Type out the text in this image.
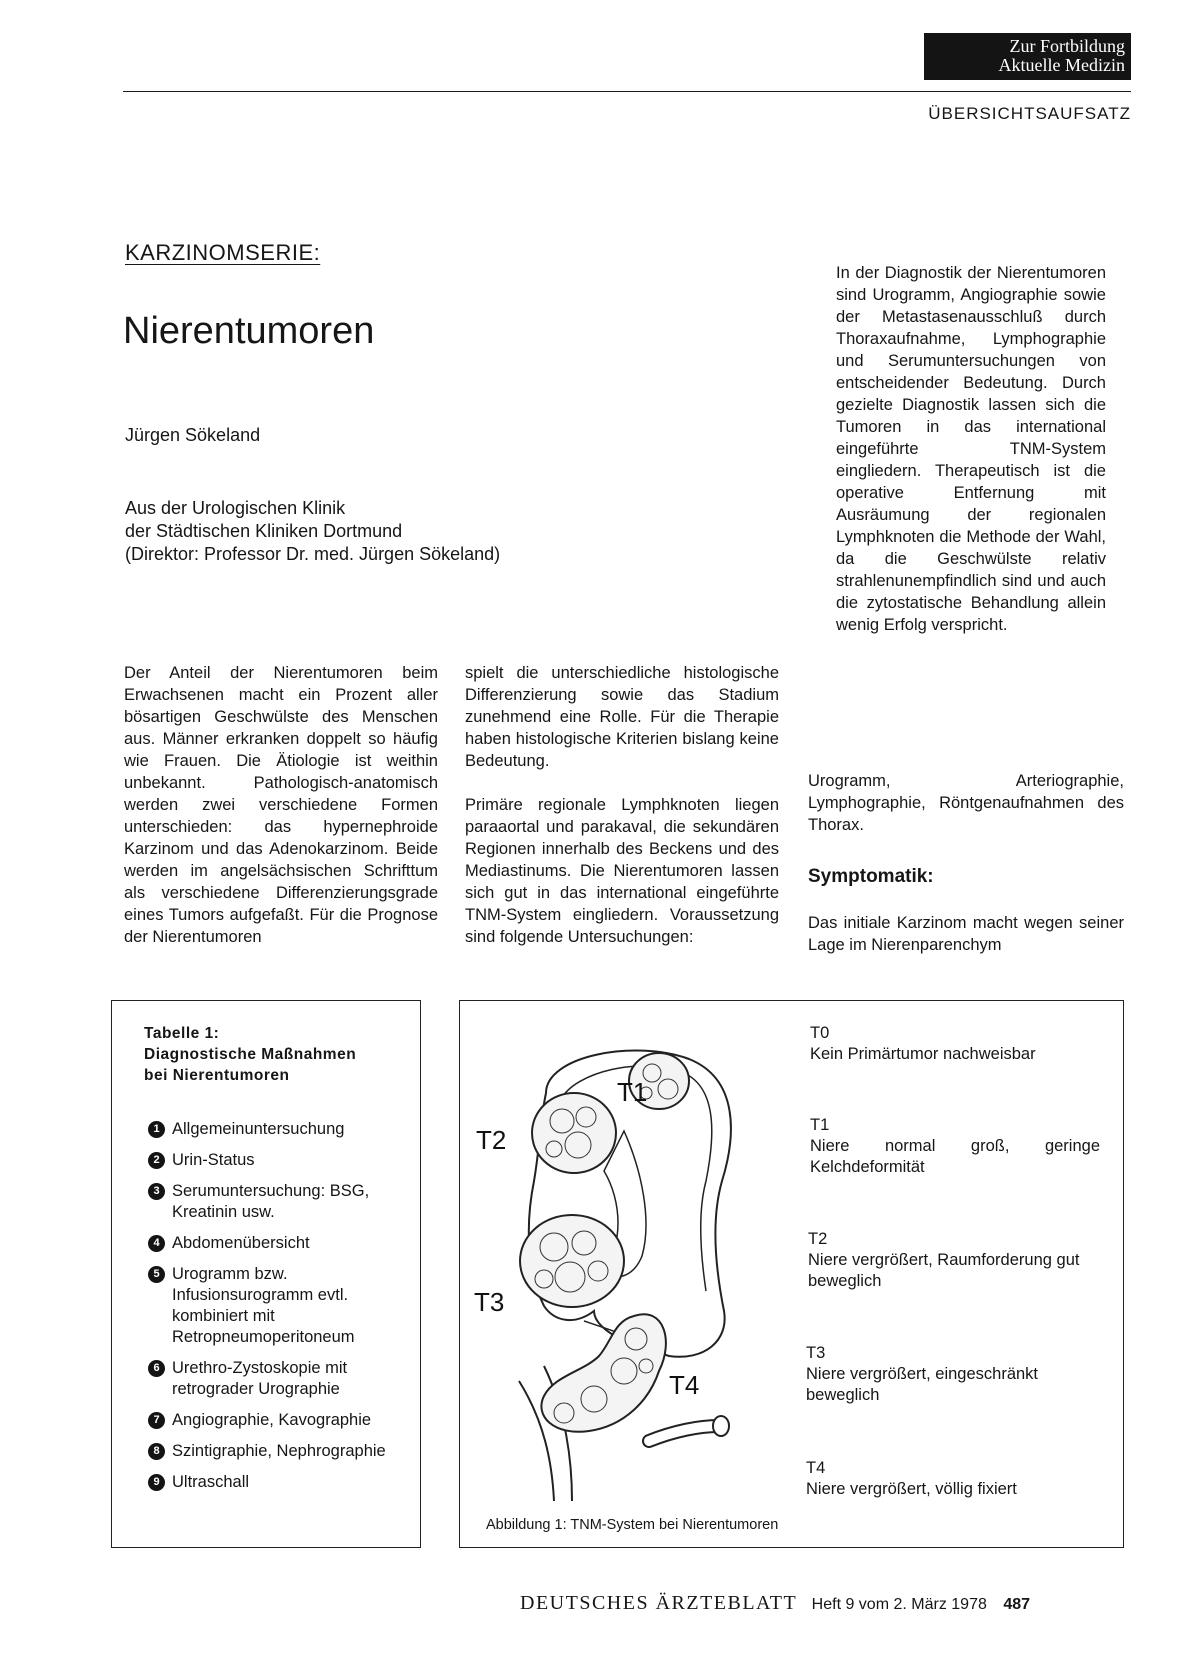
Zur Fortbildung
Aktuelle Medizin
ÜBERSICHTSAUFSATZ
KARZINOMSERIE:
Nierentumoren
Jürgen Sökeland
Aus der Urologischen Klinik
der Städtischen Kliniken Dortmund
(Direktor: Professor Dr. med. Jürgen Sökeland)

In der Diagnostik der Nierentumoren sind Urogramm, Angiographie sowie der Metastasenausschluß durch Thoraxaufnahme, Lymphographie und Serumuntersuchungen von entscheidender Bedeutung. Durch gezielte Diagnostik lassen sich die Tumoren in das international eingeführte TNM-System eingliedern. Therapeutisch ist die operative Entfernung mit Ausräumung der regionalen Lymphknoten die Methode der Wahl, da die Geschwülste relativ strahlenunempfindlich sind und auch die zytostatische Behandlung allein wenig Erfolg verspricht.

Der Anteil der Nierentumoren beim Erwachsenen macht ein Prozent aller bösartigen Geschwülste des Menschen aus. Männer erkranken doppelt so häufig wie Frauen. Die Ätiologie ist weithin unbekannt. Pathologisch-anatomisch werden zwei verschiedene Formen unterschieden: das hypernephroide Karzinom und das Adenokarzinom. Beide werden im angelsächsischen Schrifttum als verschiedene Differenzierungsgrade eines Tumors aufgefaßt. Für die Prognose der Nierentumoren

spielt die unterschiedliche histologische Differenzierung sowie das Stadium zunehmend eine Rolle. Für die Therapie haben histologische Kriterien bislang keine Bedeutung.

Primäre regionale Lymphknoten liegen paraaortal und parakaval, die sekundären Regionen innerhalb des Beckens und des Mediastinums. Die Nierentumoren lassen sich gut in das international eingeführte TNM-System eingliedern. Voraussetzung sind folgende Untersuchungen:

Urogramm, Arteriographie, Lymphographie, Röntgenaufnahmen des Thorax.

Symptomatik:

Das initiale Karzinom macht wegen seiner Lage im Nierenparenchym

Tabelle 1:
Diagnostische Maßnahmen
bei Nierentumoren
1 Allgemeinuntersuchung
2 Urin-Status
3 Serumuntersuchung: BSG, Kreatinin usw.
4 Abdomenübersicht
5 Urogramm bzw. Infusionsurogramm evtl. kombiniert mit Retropneumoperitoneum
6 Urethro-Zystoskopie mit retrograder Urographie
7 Angiographie, Kavographie
8 Szintigraphie, Nephrographie
9 Ultraschall
T1
T2
T3
T4
T0
Kein Primärtumor nachweisbar
T1
Niere normal groß, geringe Kelchdeformität
T2
Niere vergrößert, Raumforderung gut beweglich
T3
Niere vergrößert, eingeschränkt beweglich
T4
Niere vergrößert, völlig fixiert
Abbildung 1: TNM-System bei Nierentumoren
DEUTSCHES ÄRZTEBLATT Heft 9 vom 2. März 1978 487
